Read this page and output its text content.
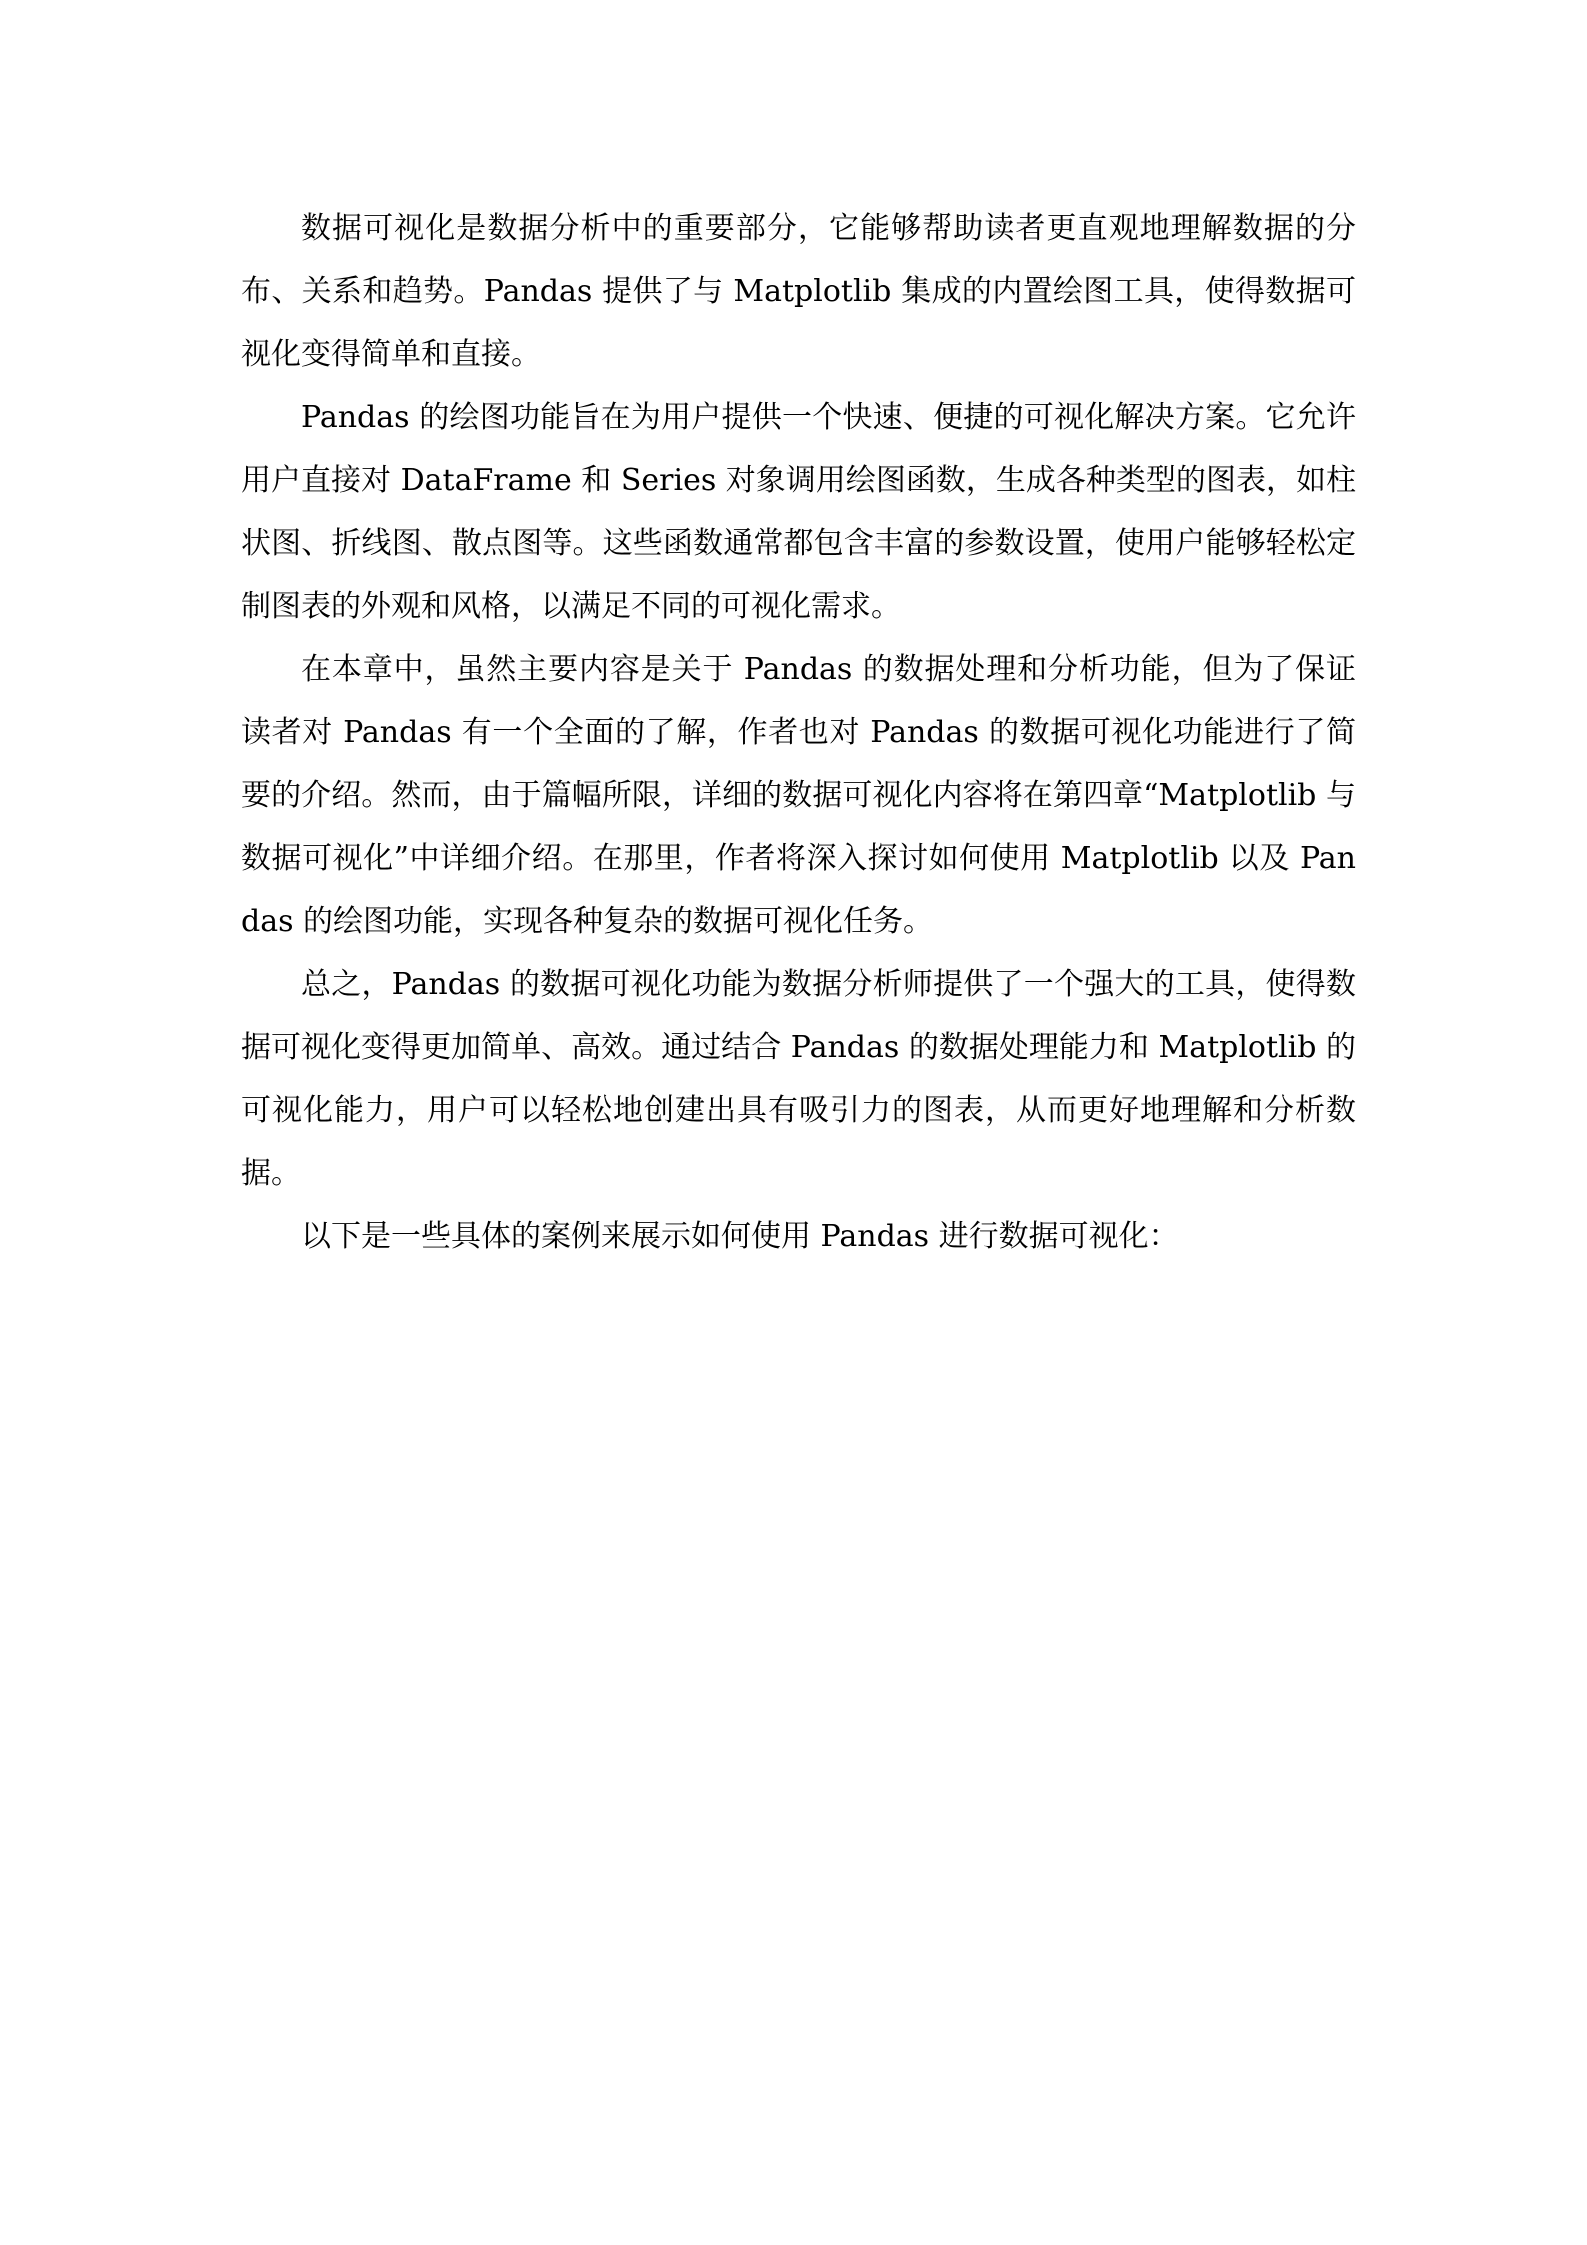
数据可视化是数据分析中的重要部分，它能够帮助读者更直观地理解数据的分布、关系和趋势。Pandas 提供了与 Matplotlib 集成的内置绘图工具，使得数据可视化变得简单和直接。

Pandas 的绘图功能旨在为用户提供一个快速、便捷的可视化解决方案。它允许用户直接对 DataFrame 和 Series 对象调用绘图函数，生成各种类型的图表，如柱状图、折线图、散点图等。这些函数通常都包含丰富的参数设置，使用户能够轻松定制图表的外观和风格，以满足不同的可视化需求。

在本章中，虽然主要内容是关于 Pandas 的数据处理和分析功能，但为了保证读者对 Pandas 有一个全面的了解，作者也对 Pandas 的数据可视化功能进行了简要的介绍。然而，由于篇幅所限，详细的数据可视化内容将在第四章“Matplotlib 与数据可视化”中详细介绍。在那里，作者将深入探讨如何使用 Matplotlib 以及 Pandas 的绘图功能，实现各种复杂的数据可视化任务。

总之，Pandas 的数据可视化功能为数据分析师提供了一个强大的工具，使得数据可视化变得更加简单、高效。通过结合 Pandas 的数据处理能力和 Matplotlib 的可视化能力，用户可以轻松地创建出具有吸引力的图表，从而更好地理解和分析数据。

以下是一些具体的案例来展示如何使用 Pandas 进行数据可视化：
